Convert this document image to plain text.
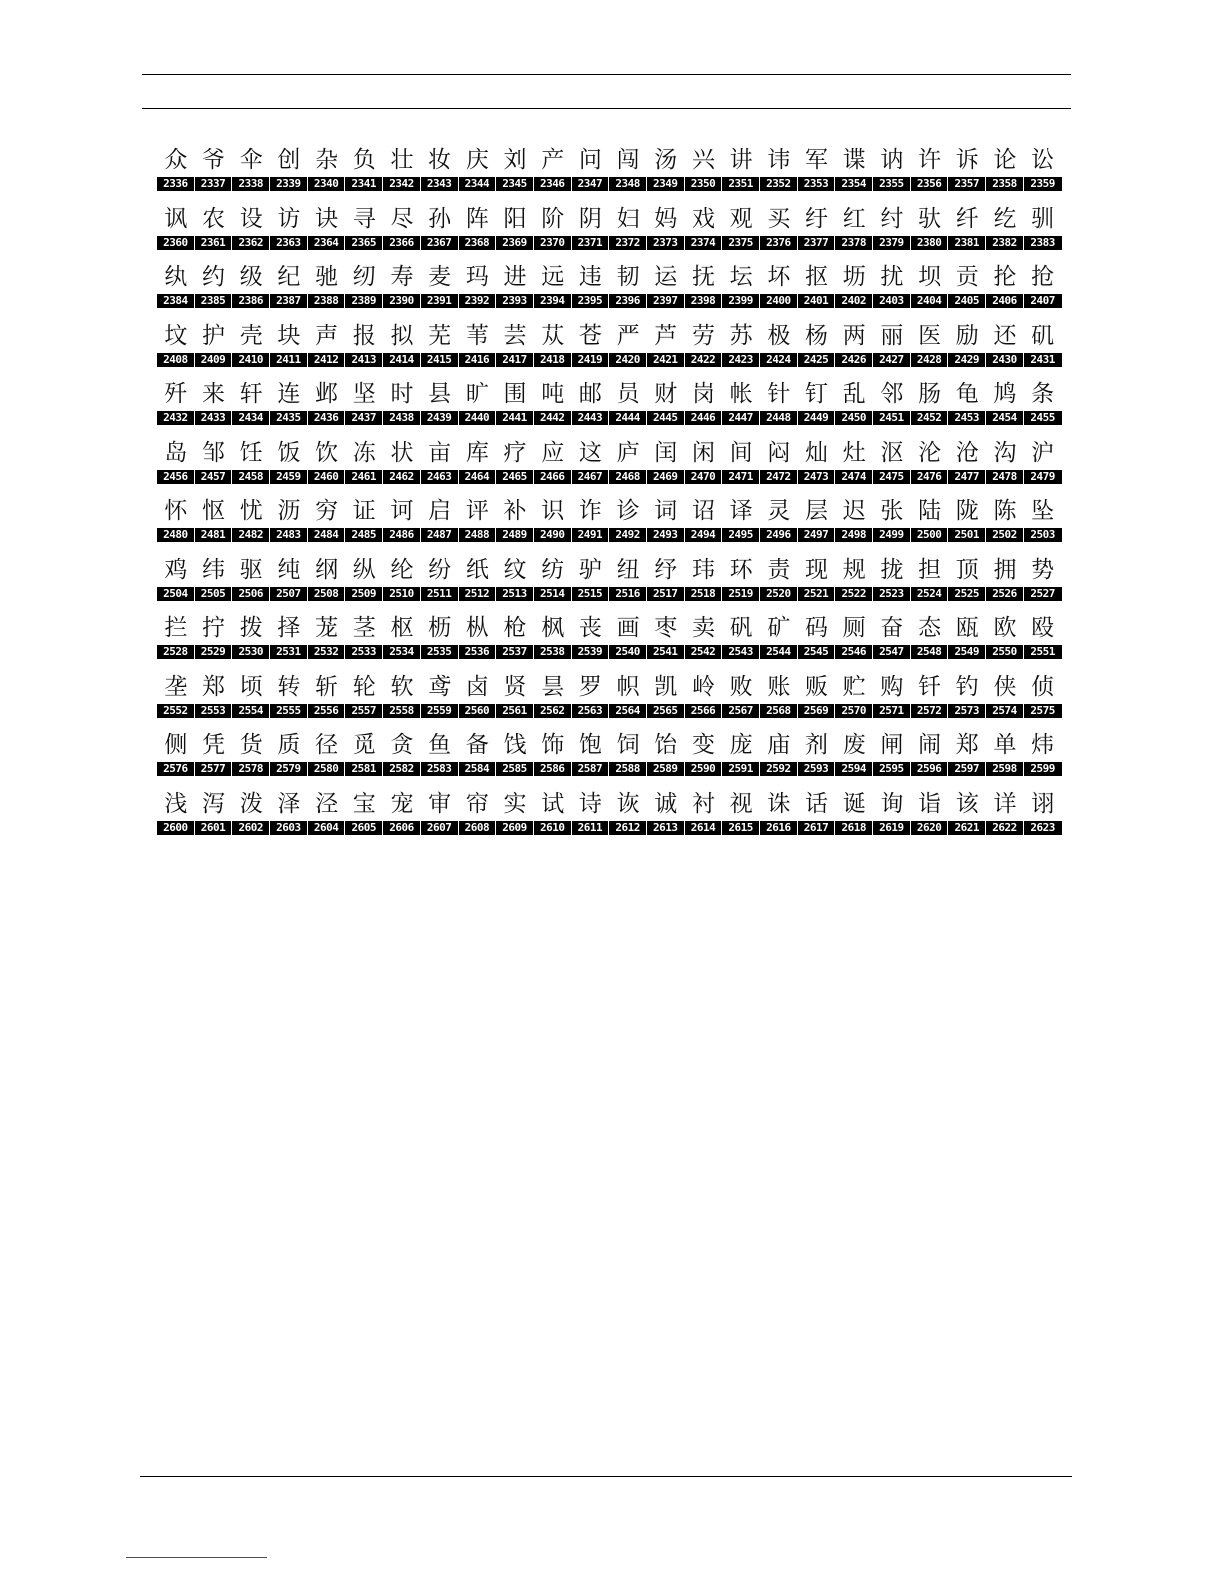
众 爷 伞 创 杂 负 壮 妆 庆 刘 产 问 闯 汤 兴 讲 讳 军 谍 讷 许 诉 论 讼
2336	2337	2338	2339	2340	2341	2342	2343	2344	2345	2346	2347	2348	2349	2350	2351	2352	2353	2354	2355	2356	2357	2358	2359
讽 农 设 访 诀 寻 尽 孙 阵 阳 阶 阴 妇 妈 戏 观 买 纡 红 纣 驮 纤 纥 驯
2360	2361	2362	2363	2364	2365	2366	2367	2368	2369	2370	2371	2372	2373	2374	2375	2376	2377	2378	2379	2380	2381	2382	2383
纨 约 级 纪 驰 纫 寿 麦 玛 进 远 违 韧 运 抚 坛 坏 抠 坜 扰 坝 贡 抡 抢
2384	2385	2386	2387	2388	2389	2390	2391	2392	2393	2394	2395	2396	2397	2398	2399	2400	2401	2402	2403	2404	2405	2406	2407
坟 护 壳 块 声 报 拟 芜 苇 芸 苁 苍 严 芦 劳 苏 极 杨 两 丽 医 励 还 矶
2408	2409	2410	2411	2412	2413	2414	2415	2416	2417	2418	2419	2420	2421	2422	2423	2424	2425	2426	2427	2428	2429	2430	2431
歼 来 轩 连 邺 坚 时 县 旷 围 吨 邮 员 财 岗 帐 针 钉 乱 邻 肠 龟 鸠 条
2432	2433	2434	2435	2436	2437	2438	2439	2440	2441	2442	2443	2444	2445	2446	2447	2448	2449	2450	2451	2452	2453	2454	2455
岛 邹 饪 饭 饮 冻 状 亩 库 疗 应 这 庐 闰 闲 间 闷 灿 灶 沤 沦 沧 沟 沪
2456	2457	2458	2459	2460	2461	2462	2463	2464	2465	2466	2467	2468	2469	2470	2471	2472	2473	2474	2475	2476	2477	2478	2479
怀 怄 忧 沥 穷 证 诃 启 评 补 识 诈 诊 词 诏 译 灵 层 迟 张 陆 陇 陈 坠
2480	2481	2482	2483	2484	2485	2486	2487	2488	2489	2490	2491	2492	2493	2494	2495	2496	2497	2498	2499	2500	2501	2502	2503
鸡 纬 驱 纯 纲 纵 纶 纷 纸 纹 纺 驴 纽 纾 玮 环 责 现 规 拢 担 顶 拥 势
2504	2505	2506	2507	2508	2509	2510	2511	2512	2513	2514	2515	2516	2517	2518	2519	2520	2521	2522	2523	2524	2525	2526	2527
拦 拧 拨 择 茏 茎 枢 枥 枞 枪 枫 丧 画 枣 卖 矾 矿 码 厕 奋 态 瓯 欧 殴
2528	2529	2530	2531	2532	2533	2534	2535	2536	2537	2538	2539	2540	2541	2542	2543	2544	2545	2546	2547	2548	2549	2550	2551
垄 郑 顷 转 斩 轮 软 鸢 卤 贤 昙 罗 帜 凯 岭 败 账 贩 贮 购 钎 钓 侠 侦
2552	2553	2554	2555	2556	2557	2558	2559	2560	2561	2562	2563	2564	2565	2566	2567	2568	2569	2570	2571	2572	2573	2574	2575
侧 凭 货 质 径 觅 贪 鱼 备 饯 饰 饱 饲 饴 变 庞 庙 剂 废 闸 闹 郑 单 炜
2576	2577	2578	2579	2580	2581	2582	2583	2584	2585	2586	2587	2588	2589	2590	2591	2592	2593	2594	2595	2596	2597	2598	2599
浅 泻 泼 泽 泾 宝 宠 审 帘 实 试 诗 诙 诚 衬 视 诛 话 诞 询 诣 该 详 诩
2600	2601	2602	2603	2604	2605	2606	2607	2608	2609	2610	2611	2612	2613	2614	2615	2616	2617	2618	2619	2620	2621	2622	2623
